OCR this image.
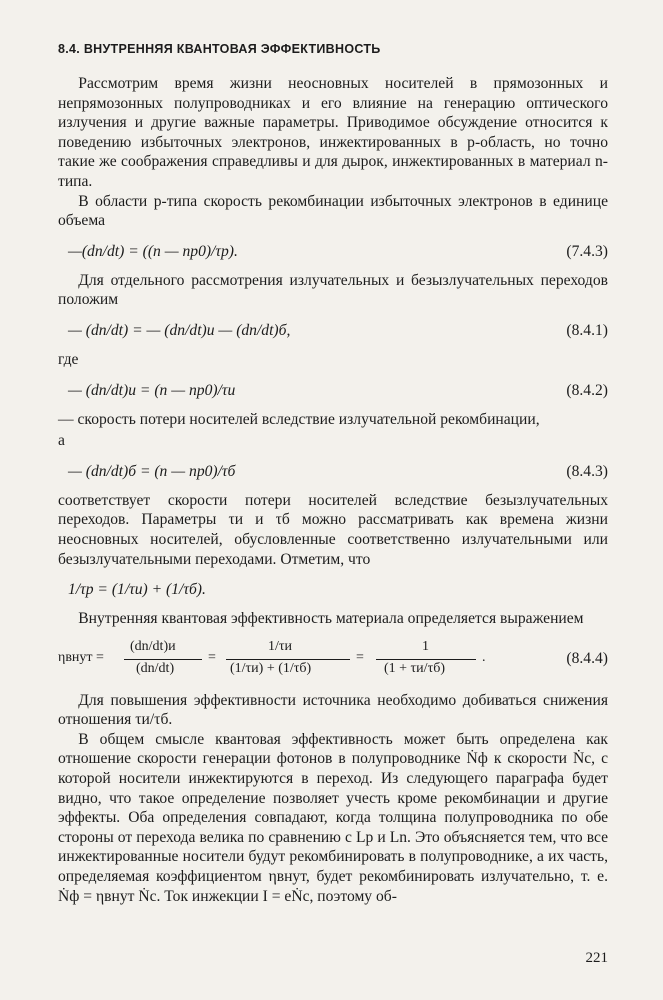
8.4. ВНУТРЕННЯЯ КВАНТОВАЯ ЭФФЕКТИВНОСТЬ

Рассмотрим время жизни неосновных носителей в прямозонных и непрямозонных полупроводниках и его влияние на генерацию оптического излучения и другие важные параметры. Приводимое обсуждение относится к поведению избыточных электронов, инжектированных в p-область, но точно такие же соображения справедливы и для дырок, инжектированных в материал n-типа.

В области p-типа скорость рекомбинации избыточных электронов в единице объема

—(dn/dt) = ((n — np0)/τp).	(7.4.3)

Для отдельного рассмотрения излучательных и безызлучательных переходов положим

— (dn/dt) = — (dn/dt)и — (dn/dt)б,	(8.4.1)
где
— (dn/dt)и = (n — np0)/τи	(8.4.2)

— скорость потери носителей вследствие излучательной рекомбинации,

а
— (dn/dt)б = (n — np0)/τб	(8.4.3)

соответствует скорости потери носителей вследствие безызлучательных переходов. Параметры τи и τб можно рассматривать как времена жизни неосновных носителей, обусловленные соответственно излучательными или безызлучательными переходами. Отметим, что

1/τp = (1/τи) + (1/τб).

Внутренняя квантовая эффективность материала определяется выражением

ηвнут =
(dn/dt)и
(dn/dt)
=
1/τи
(1/τи) + (1/τб)
=
1
(1 + τи/τб)
.	(8.4.4)

Для повышения эффективности источника необходимо добиваться снижения отношения τи/τб.

В общем смысле квантовая эффективность может быть определена как отношение скорости генерации фотонов в полупроводнике Ṅф к скорости Ṅc, с которой носители инжектируются в переход. Из следующего параграфа будет видно, что такое определение позволяет учесть кроме рекомбинации и другие эффекты. Оба определения совпадают, когда толщина полупроводника по обе стороны от перехода велика по сравнению с Lp и Ln. Это объясняется тем, что все инжектированные носители будут рекомбинировать в полупроводнике, а их часть, определяемая коэффициентом ηвнут, будет рекомбинировать излучательно, т. е. Ṅф = ηвнут Ṅc. Ток инжекции I = eṄc, поэтому об-

221
